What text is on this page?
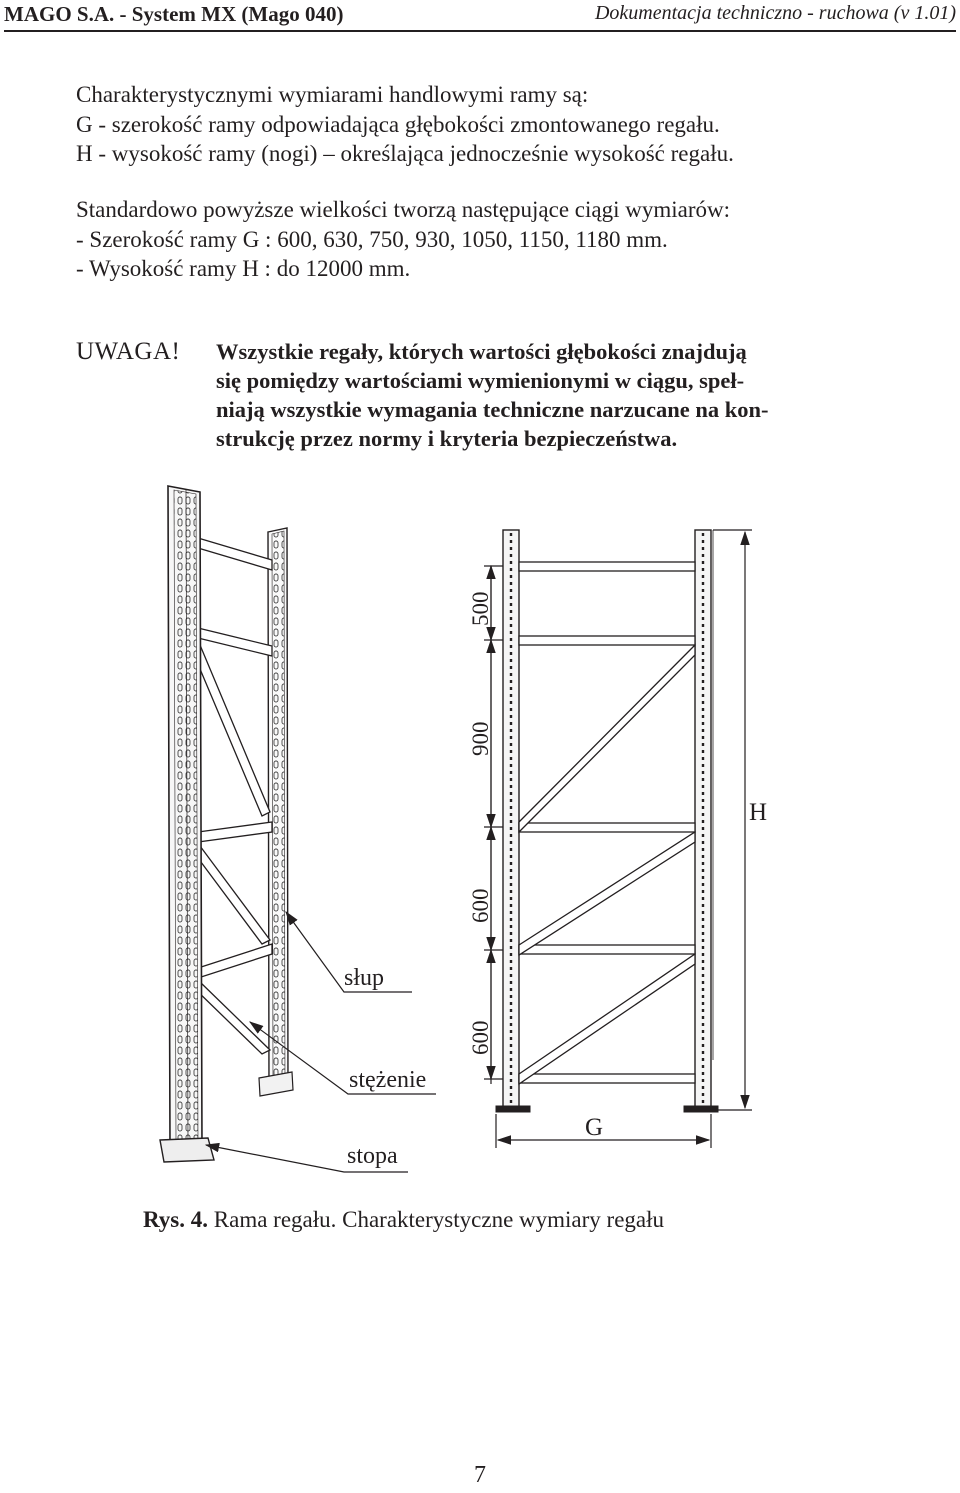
MAGO S.A. - System MX (Mago 040)	Dokumentacja techniczno - ruchowa (v 1.01)
Charakterystycznymi wymiarami handlowymi ramy są:
G - szerokość ramy odpowiadająca głębokości zmontowanego regału.
H - wysokość ramy (nogi) – określająca jednocześnie wysokość regału.
Standardowo powyższe wielkości tworzą następujące ciągi wymiarów:
- Szerokość ramy G : 600, 630, 750, 930, 1050, 1150, 1180 mm.
- Wysokość ramy H : do 12000 mm.
UWAGA! Wszystkie regały, których wartości głębokości znajdują
się pomiędzy wartościami wymienionymi w ciągu, speł-
niają wszystkie wymagania techniczne narzucane na kon-
strukcję przez normy i kryteria bezpieczeństwa.
słup
stężenie
stopa
500
900
600
600
H
G
Rys. 4. Rama regału. Charakterystyczne wymiary regału
7
